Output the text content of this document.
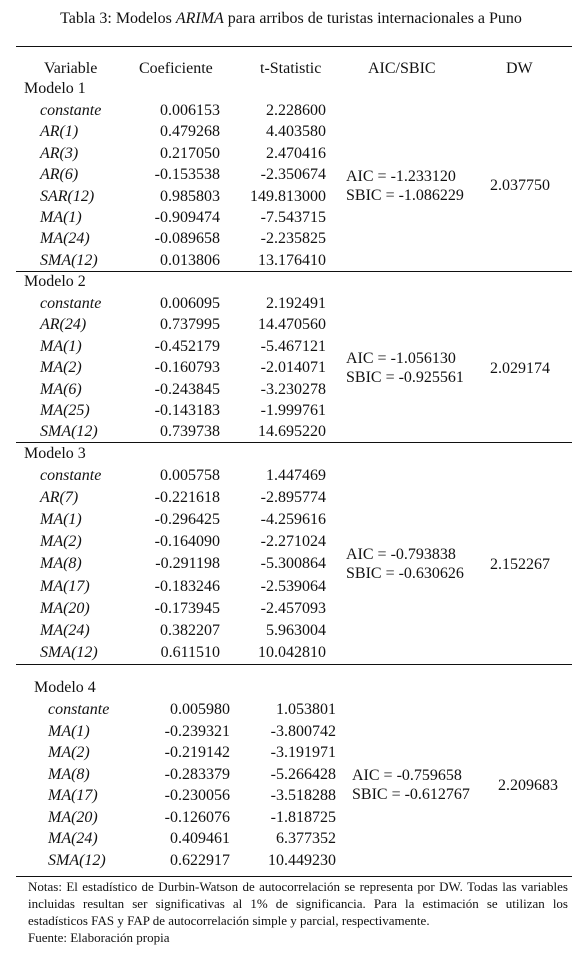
Tabla 3: Modelos ARIMA para arribos de turistas internacionales a Puno
Variable	Coeficiente	t-Statistic	AIC/SBIC	DW
Modelo 1
constante	0.006153	2.228600
AR(1)	0.479268	4.403580
AR(3)	0.217050	2.470416
AR(6)	-0.153538	-2.350674
SAR(12)	0.985803	149.813000
MA(1)	-0.909474	-7.543715
MA(24)	-0.089658	-2.235825
SMA(12)	0.013806	13.176410
AIC = -1.233120
SBIC = -1.086229
2.037750
Modelo 2
constante	0.006095	2.192491
AR(24)	0.737995	14.470560
MA(1)	-0.452179	-5.467121
MA(2)	-0.160793	-2.014071
MA(6)	-0.243845	-3.230278
MA(25)	-0.143183	-1.999761
SMA(12)	0.739738	14.695220
AIC = -1.056130
SBIC = -0.925561
2.029174
Modelo 3
constante	0.005758	1.447469
AR(7)	-0.221618	-2.895774
MA(1)	-0.296425	-4.259616
MA(2)	-0.164090	-2.271024
MA(8)	-0.291198	-5.300864
MA(17)	-0.183246	-2.539064
MA(20)	-0.173945	-2.457093
MA(24)	0.382207	5.963004
SMA(12)	0.611510	10.042810
AIC = -0.793838
SBIC = -0.630626
2.152267
Modelo 4
constante	0.005980	1.053801
MA(1)	-0.239321	-3.800742
MA(2)	-0.219142	-3.191971
MA(8)	-0.283379	-5.266428
MA(17)	-0.230056	-3.518288
MA(20)	-0.126076	-1.818725
MA(24)	0.409461	6.377352
SMA(12)	0.622917	10.449230
AIC = -0.759658
SBIC = -0.612767
2.209683
Notas: El estadístico de Durbin-Watson de autocorrelación se representa por DW. Todas las variables incluidas resultan ser significativas al 1% de significancia. Para la estimación se utilizan los estadísticos FAS y FAP de autocorrelación simple y parcial, respectivamente.
Fuente: Elaboración propia
